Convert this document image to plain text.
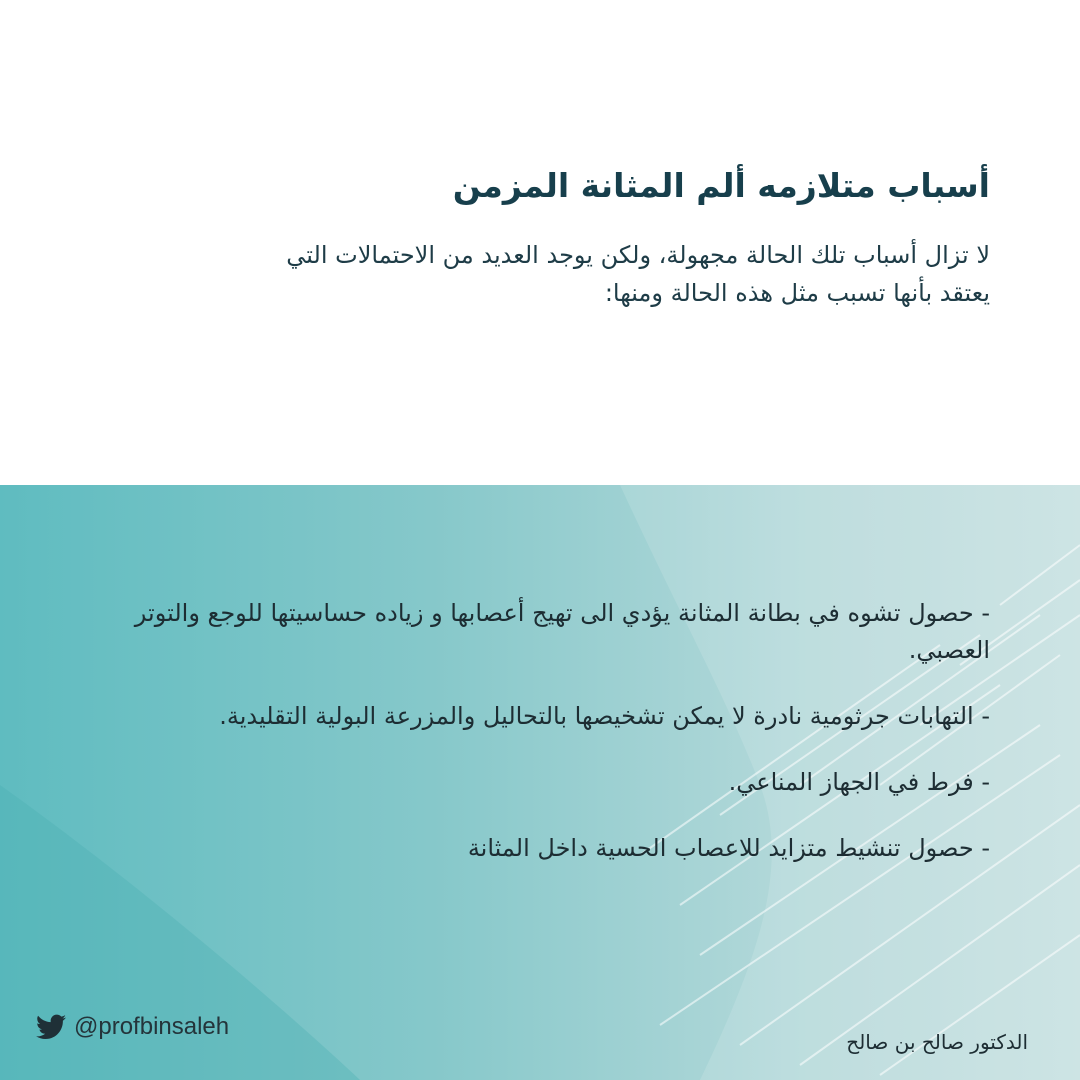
أسباب متلازمه ألم المثانة المزمن
لا تزال أسباب تلك الحالة مجهولة، ولكن يوجد العديد من الاحتمالات التي
يعتقد بأنها تسبب مثل هذه الحالة ومنها:
- حصول تشوه في بطانة المثانة يؤدي الى تهيج أعصابها و زياده حساسيتها للوجع والتوتر العصبي.
- التهابات جرثومية نادرة لا يمكن تشخيصها بالتحاليل والمزرعة البولية التقليدية.
- فرط في الجهاز المناعي.
- حصول تنشيط متزايد للاعصاب الحسية داخل المثانة
@profbinsaleh
الدكتور صالح بن صالح
